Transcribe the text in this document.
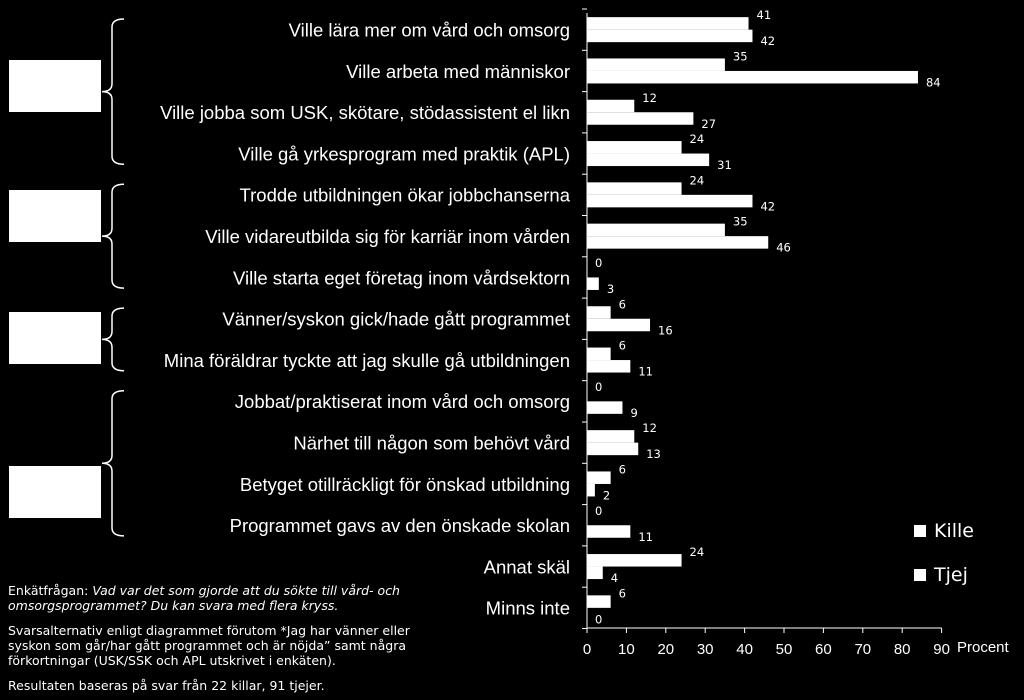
Ville lära mer om vård och omsorg
Ville arbeta med människor
Ville jobba som USK, skötare, stödassistent el likn
Ville gå yrkesprogram med praktik (APL)
Trodde utbildningen ökar jobbchanserna
Ville vidareutbilda sig för karriär inom vården
Ville starta eget företag inom vårdsektorn
Vänner/syskon gick/hade gått programmet
Mina föräldrar tyckte att jag skulle gå utbildningen
Jobbat/praktiserat inom vård och omsorg
Närhet till någon som behövt vård
Betyget otillräckligt för önskad utbildning
Programmet gavs av den önskade skolan
Annat skäl
Minns inte
41
42
35
84
12
27
24
31
24
42
35
46
0
3
6
16
6
11
0
9
12
13
6
2
0
11
24
4
6
0
0 10 20 30 40 50 60 70 80 90 Procent
Kille
Tjej
Enkätfrågan: Vad var det som gjorde att du sökte till vård- och
omsorgsprogrammet? Du kan svara med flera kryss.
Svarsalternativ enligt diagrammet förutom *Jag har vänner eller
syskon som går/har gått programmet och är nöjda” samt några
förkortningar (USK/SSK och APL utskrivet i enkäten).
Resultaten baseras på svar från 22 killar, 91 tjejer.
